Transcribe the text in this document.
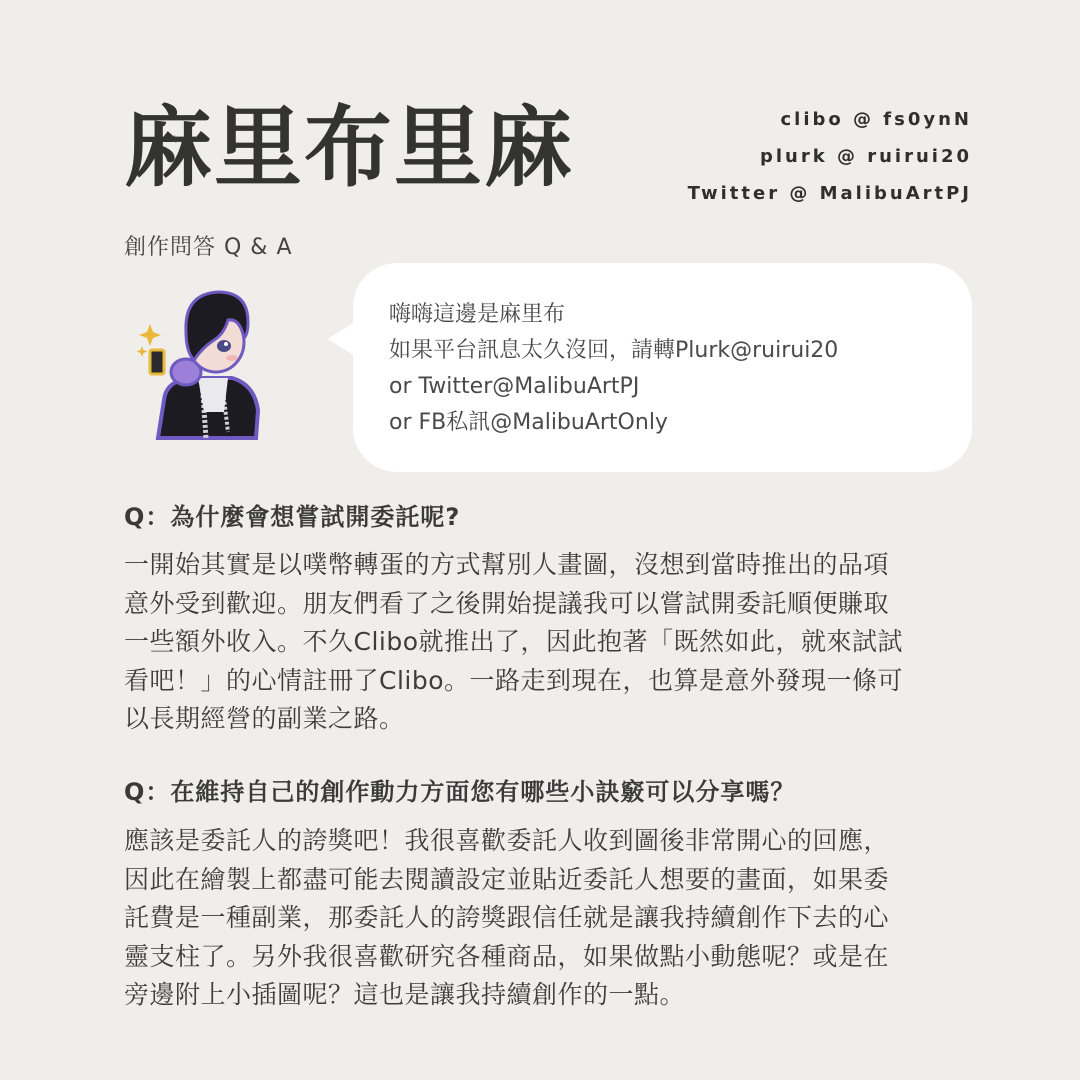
麻里布里麻	clibo @ fs0ynN
plurk @ ruirui20
Twitter @ MalibuArtPJ
創作問答 Q & A
嗨嗨這邊是麻里布
如果平台訊息太久沒回，請轉Plurk@ruirui20
or Twitter@MalibuArtPJ
or FB私訊@MalibuArtOnly
Q：為什麼會想嘗試開委託呢?
一開始其實是以噗幣轉蛋的方式幫別人畫圖，沒想到當時推出的品項
意外受到歡迎。朋友們看了之後開始提議我可以嘗試開委託順便賺取
一些額外收入。不久Clibo就推出了，因此抱著「既然如此，就來試試
看吧！」的心情註冊了Clibo。一路走到現在，也算是意外發現一條可
以長期經營的副業之路。
Q：在維持自己的創作動力方面您有哪些小訣竅可以分享嗎？
應該是委託人的誇獎吧！我很喜歡委託人收到圖後非常開心的回應，
因此在繪製上都盡可能去閱讀設定並貼近委託人想要的畫面，如果委
託費是一種副業，那委託人的誇獎跟信任就是讓我持續創作下去的心
靈支柱了。另外我很喜歡研究各種商品，如果做點小動態呢？或是在
旁邊附上小插圖呢？這也是讓我持續創作的一點。
